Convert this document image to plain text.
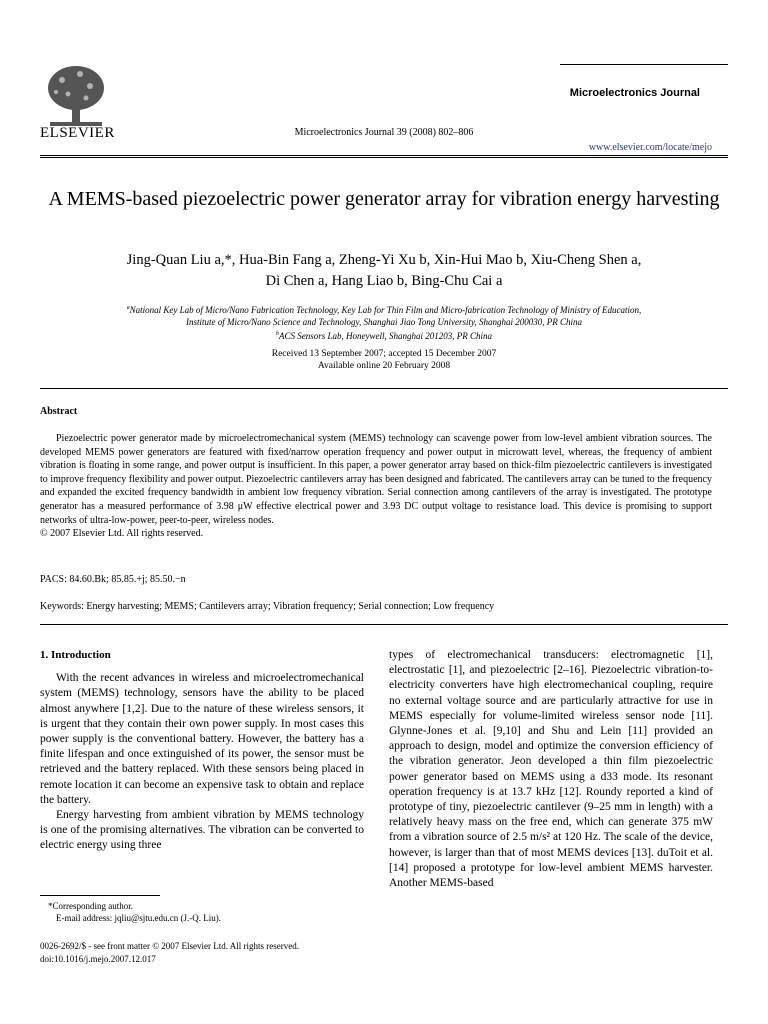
ELSEVIER	Microelectronics Journal 39 (2008) 802–806
Microelectronics Journal
www.elsevier.com/locate/mejo
A MEMS-based piezoelectric power generator array for vibration energy harvesting
Jing-Quan Liu a,*, Hua-Bin Fang a, Zheng-Yi Xu b, Xin-Hui Mao b, Xiu-Cheng Shen a,
Di Chen a, Hang Liao b, Bing-Chu Cai a
$^a$National Key Lab of Micro/Nano Fabrication Technology, Key Lab for Thin Film and Micro-fabrication Technology of Ministry of Education,
Institute of Micro/Nano Science and Technology, Shanghai Jiao Tong University, Shanghai 200030, PR China
$^b$ACS Sensors Lab, Honeywell, Shanghai 201203, PR China
Received 13 September 2007; accepted 15 December 2007
Available online 20 February 2008
Abstract
Piezoelectric power generator made by microelectromechanical system (MEMS) technology can scavenge power from low-level ambient vibration sources. The developed MEMS power generators are featured with fixed/narrow operation frequency and power output in microwatt level, whereas, the frequency of ambient vibration is floating in some range, and power output is insufficient. In this paper, a power generator array based on thick-film piezoelectric cantilevers is investigated to improve frequency flexibility and power output. Piezoelectric cantilevers array has been designed and fabricated. The cantilevers array can be tuned to the frequency and expanded the excited frequency bandwidth in ambient low frequency vibration. Serial connection among cantilevers of the array is investigated. The prototype generator has a measured performance of 3.98 μW effective electrical power and 3.93 DC output voltage to resistance load. This device is promising to support networks of ultra-low-power, peer-to-peer, wireless nodes.
© 2007 Elsevier Ltd. All rights reserved.
PACS: 84.60.Bk; 85.85.+j; 85.50.−n
Keywords: Energy harvesting; MEMS; Cantilevers array; Vibration frequency; Serial connection; Low frequency
1. Introduction

With the recent advances in wireless and microelectromechanical system (MEMS) technology, sensors have the ability to be placed almost anywhere [1,2]. Due to the nature of these wireless sensors, it is urgent that they contain their own power supply. In most cases this power supply is the conventional battery. However, the battery has a finite lifespan and once extinguished of its power, the sensor must be retrieved and the battery replaced. With these sensors being placed in remote location it can become an expensive task to obtain and replace the battery.

Energy harvesting from ambient vibration by MEMS technology is one of the promising alternatives. The vibration can be converted to electric energy using three

types of electromechanical transducers: electromagnetic [1], electrostatic [1], and piezoelectric [2–16]. Piezoelectric vibration-to-electricity converters have high electromechanical coupling, require no external voltage source and are particularly attractive for use in MEMS especially for volume-limited wireless sensor node [11]. Glynne-Jones et al. [9,10] and Shu and Lein [11] provided an approach to design, model and optimize the conversion efficiency of the vibration generator. Jeon developed a thin film piezoelectric power generator based on MEMS using a d33 mode. Its resonant operation frequency is at 13.7 kHz [12]. Roundy reported a kind of prototype of tiny, piezoelectric cantilever (9–25 mm in length) with a relatively heavy mass on the free end, which can generate 375 mW from a vibration source of 2.5 m/s² at 120 Hz. The scale of the device, however, is larger than that of most MEMS devices [13]. duToit et al. [14] proposed a prototype for low-level ambient MEMS harvester. Another MEMS-based

*Corresponding author.
E-mail address: jqliu@sjtu.edu.cn (J.-Q. Liu).
0026-2692/$ - see front matter © 2007 Elsevier Ltd. All rights reserved.
doi:10.1016/j.mejo.2007.12.017
